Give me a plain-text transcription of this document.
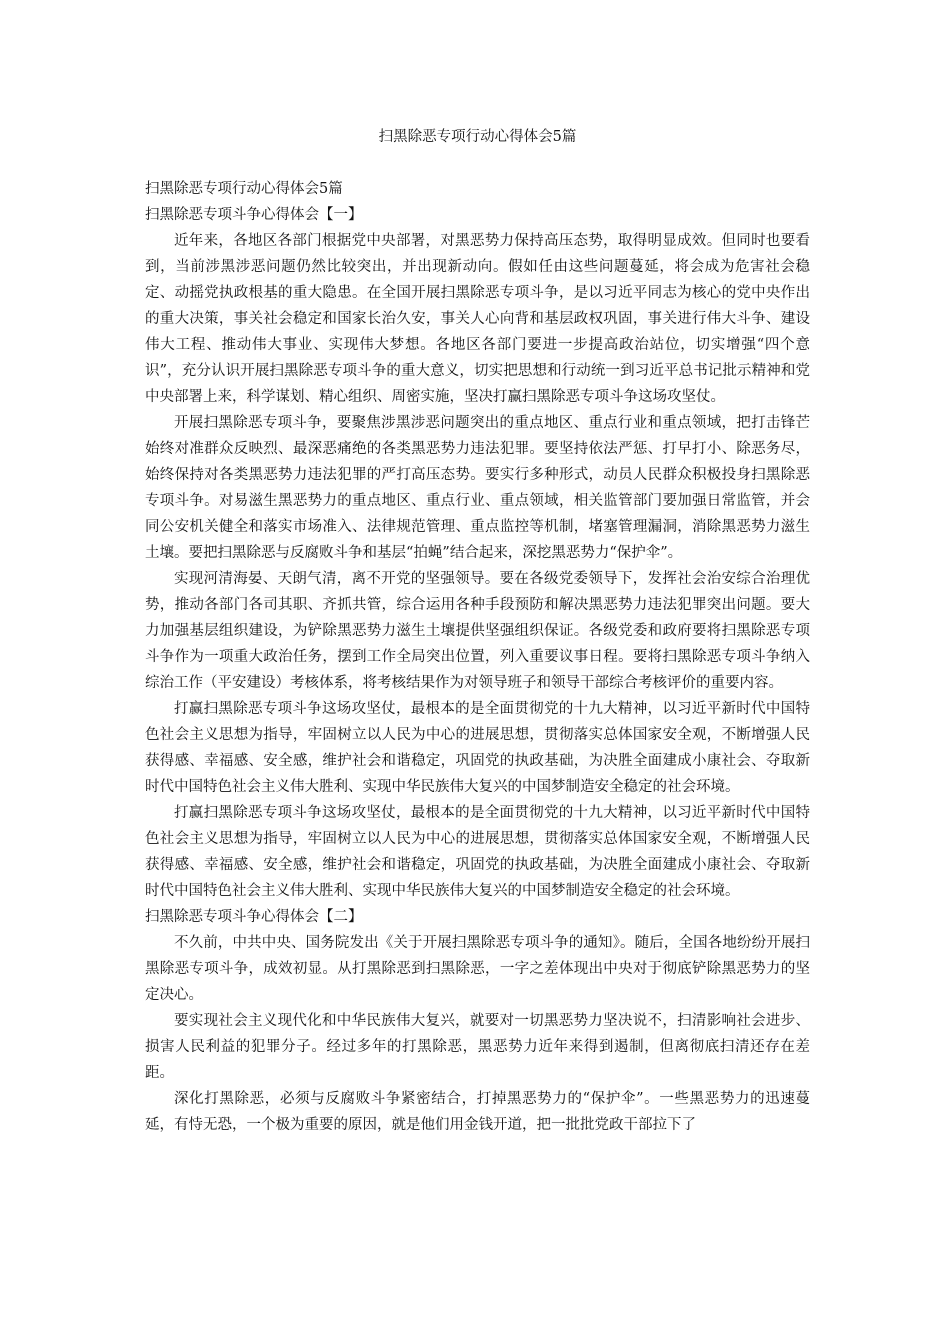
扫黑除恶专项行动心得体会5篇

扫黑除恶专项行动心得体会5篇

扫黑除恶专项斗争心得体会【一】

近年来，各地区各部门根据党中央部署，对黑恶势力保持高压态势，取得明显成效。但同时也要看到，当前涉黑涉恶问题仍然比较突出，并出现新动向。假如任由这些问题蔓延，将会成为危害社会稳定、动摇党执政根基的重大隐患。在全国开展扫黑除恶专项斗争，是以习近平同志为核心的党中央作出的重大决策，事关社会稳定和国家长治久安，事关人心向背和基层政权巩固，事关进行伟大斗争、建设伟大工程、推动伟大事业、实现伟大梦想。各地区各部门要进一步提高政治站位，切实增强“四个意识”，充分认识开展扫黑除恶专项斗争的重大意义，切实把思想和行动统一到习近平总书记批示精神和党中央部署上来，科学谋划、精心组织、周密实施，坚决打赢扫黑除恶专项斗争这场攻坚仗。

开展扫黑除恶专项斗争，要聚焦涉黑涉恶问题突出的重点地区、重点行业和重点领域，把打击锋芒始终对准群众反映烈、最深恶痛绝的各类黑恶势力违法犯罪。要坚持依法严惩、打早打小、除恶务尽，始终保持对各类黑恶势力违法犯罪的严打高压态势。要实行多种形式，动员人民群众积极投身扫黑除恶专项斗争。对易滋生黑恶势力的重点地区、重点行业、重点领域，相关监管部门要加强日常监管，并会同公安机关健全和落实市场准入、法律规范管理、重点监控等机制，堵塞管理漏洞，消除黑恶势力滋生土壤。要把扫黑除恶与反腐败斗争和基层“拍蝇”结合起来，深挖黑恶势力“保护伞”。

实现河清海晏、天朗气清，离不开党的坚强领导。要在各级党委领导下，发挥社会治安综合治理优势，推动各部门各司其职、齐抓共管，综合运用各种手段预防和解决黑恶势力违法犯罪突出问题。要大力加强基层组织建设，为铲除黑恶势力滋生土壤提供坚强组织保证。各级党委和政府要将扫黑除恶专项斗争作为一项重大政治任务，摆到工作全局突出位置，列入重要议事日程。要将扫黑除恶专项斗争纳入综治工作（平安建设）考核体系，将考核结果作为对领导班子和领导干部综合考核评价的重要内容。

打赢扫黑除恶专项斗争这场攻坚仗，最根本的是全面贯彻党的十九大精神，以习近平新时代中国特色社会主义思想为指导，牢固树立以人民为中心的进展思想，贯彻落实总体国家安全观，不断增强人民获得感、幸福感、安全感，维护社会和谐稳定，巩固党的执政基础，为决胜全面建成小康社会、夺取新时代中国特色社会主义伟大胜利、实现中华民族伟大复兴的中国梦制造安全稳定的社会环境。

打赢扫黑除恶专项斗争这场攻坚仗，最根本的是全面贯彻党的十九大精神，以习近平新时代中国特色社会主义思想为指导，牢固树立以人民为中心的进展思想，贯彻落实总体国家安全观，不断增强人民获得感、幸福感、安全感，维护社会和谐稳定，巩固党的执政基础，为决胜全面建成小康社会、夺取新时代中国特色社会主义伟大胜利、实现中华民族伟大复兴的中国梦制造安全稳定的社会环境。

扫黑除恶专项斗争心得体会【二】

不久前，中共中央、国务院发出《关于开展扫黑除恶专项斗争的通知》。随后，全国各地纷纷开展扫黑除恶专项斗争，成效初显。从打黑除恶到扫黑除恶，一字之差体现出中央对于彻底铲除黑恶势力的坚定决心。

要实现社会主义现代化和中华民族伟大复兴，就要对一切黑恶势力坚决说不，扫清影响社会进步、损害人民利益的犯罪分子。经过多年的打黑除恶，黑恶势力近年来得到遏制，但离彻底扫清还存在差距。

深化打黑除恶，必须与反腐败斗争紧密结合，打掉黑恶势力的“保护伞”。一些黑恶势力的迅速蔓延，有恃无恐，一个极为重要的原因，就是他们用金钱开道，把一批批党政干部拉下了
